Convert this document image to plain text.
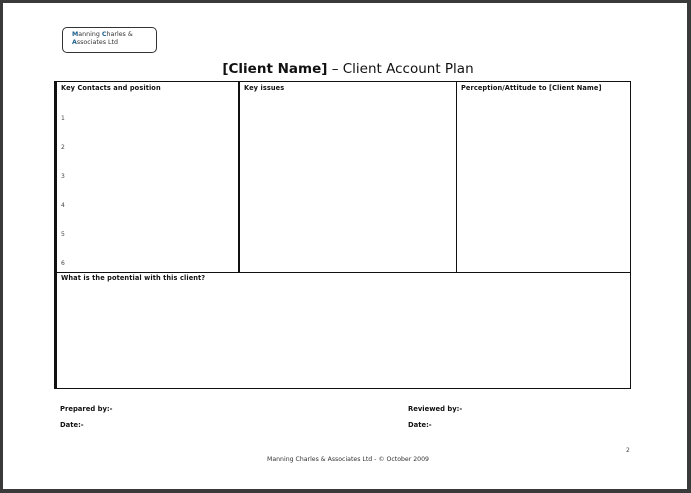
Manning Charles &
Associates Ltd
[Client Name] – Client Account Plan
Key Contacts and position
1
2
3
4
5
6
Key issues	Perception/Attitude to [Client Name]
What is the potential with this client?
Prepared by:-
Date:-
Reviewed by:-
Date:-
2
Manning Charles & Associates Ltd - © October 2009
